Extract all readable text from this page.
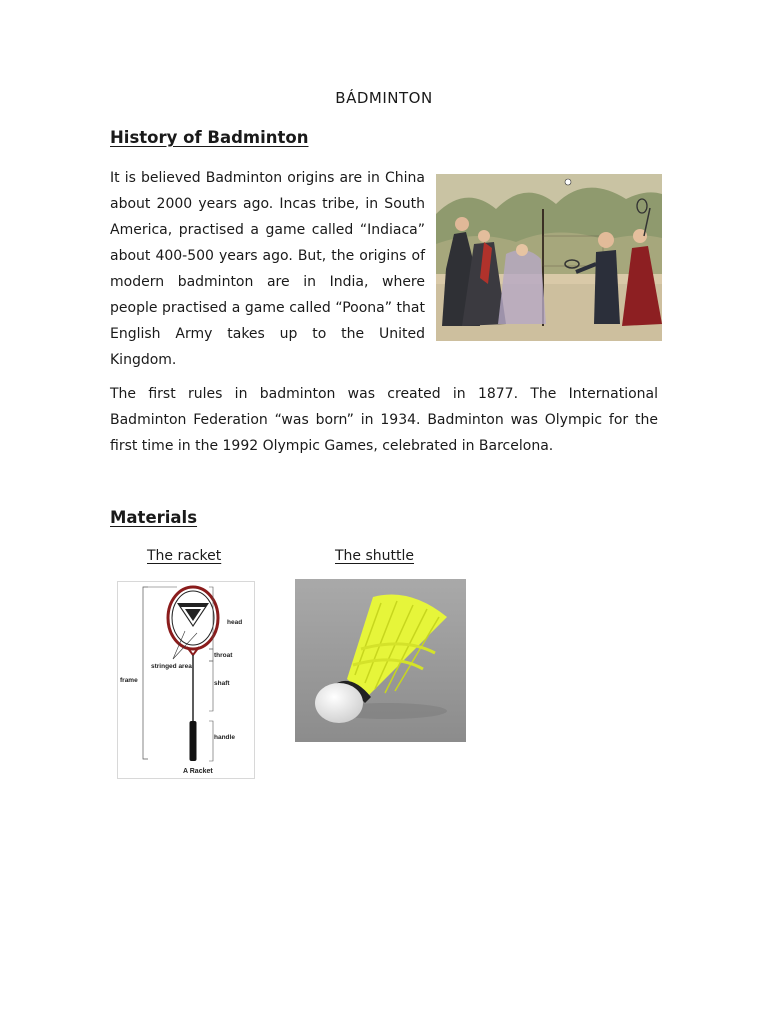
BÁDMINTON
History of Badminton
It is believed Badminton origins are in China about 2000 years ago. Incas tribe, in South America, practised a game called “Indiaca” about 400-500 years ago. But, the origins of modern badminton are in India, where people practised a game called “Poona” that English Army takes up to the United Kingdom.
The first rules in badminton was created in 1877. The International Badminton Federation “was born” in 1934. Badminton was Olympic for the first time in the 1992 Olympic Games, celebrated in Barcelona.
Materials
The racket	The shuttle
head
throat
stringed area
frame	shaft
handle
A Racket
